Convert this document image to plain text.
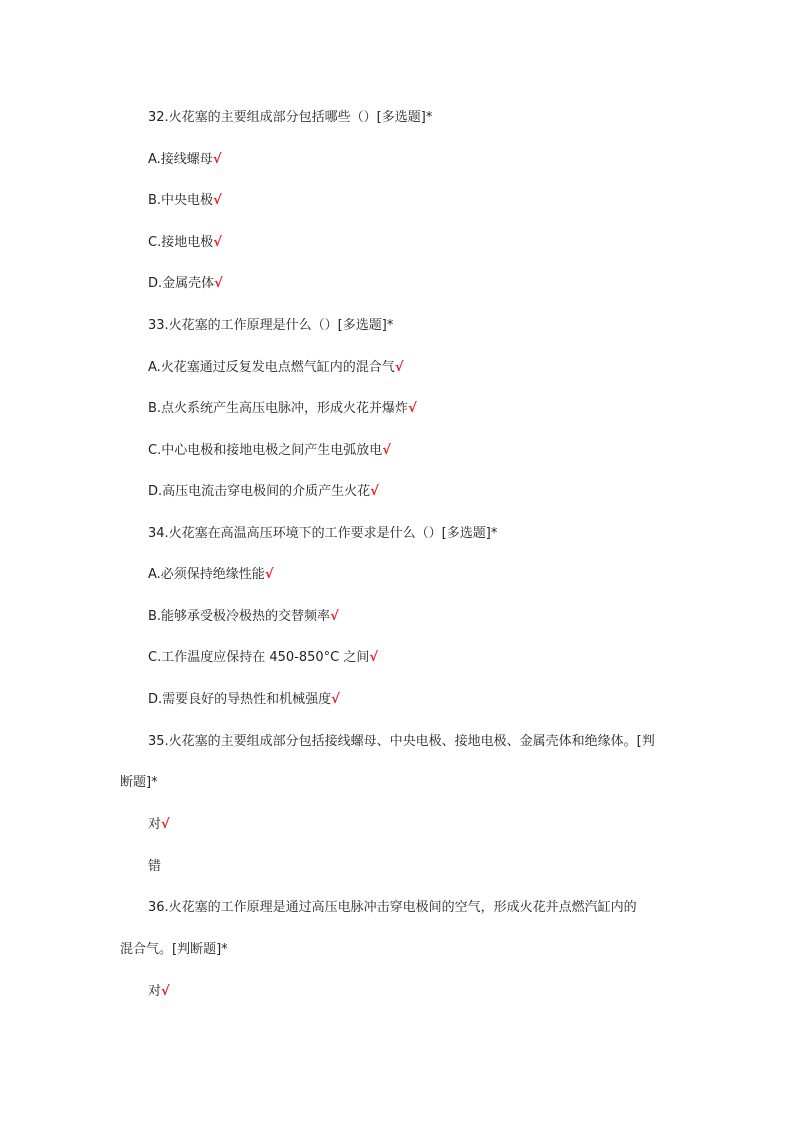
32.火花塞的主要组成部分包括哪些（）[多选题]*
A.接线螺母√
B.中央电极√
C.接地电极√
D.金属壳体√
33.火花塞的工作原理是什么（）[多选题]*
A.火花塞通过反复发电点燃气缸内的混合气√
B.点火系统产生高压电脉冲，形成火花并爆炸√
C.中心电极和接地电极之间产生电弧放电√
D.高压电流击穿电极间的介质产生火花√
34.火花塞在高温高压环境下的工作要求是什么（）[多选题]*
A.必须保持绝缘性能√
B.能够承受极冷极热的交替频率√
C.工作温度应保持在 450-850°C 之间√
D.需要良好的导热性和机械强度√
35.火花塞的主要组成部分包括接线螺母、中央电极、接地电极、金属壳体和绝缘体。[判
断题]*
对√
错
36.火花塞的工作原理是通过高压电脉冲击穿电极间的空气，形成火花并点燃汽缸内的
混合气。[判断题]*
对√
